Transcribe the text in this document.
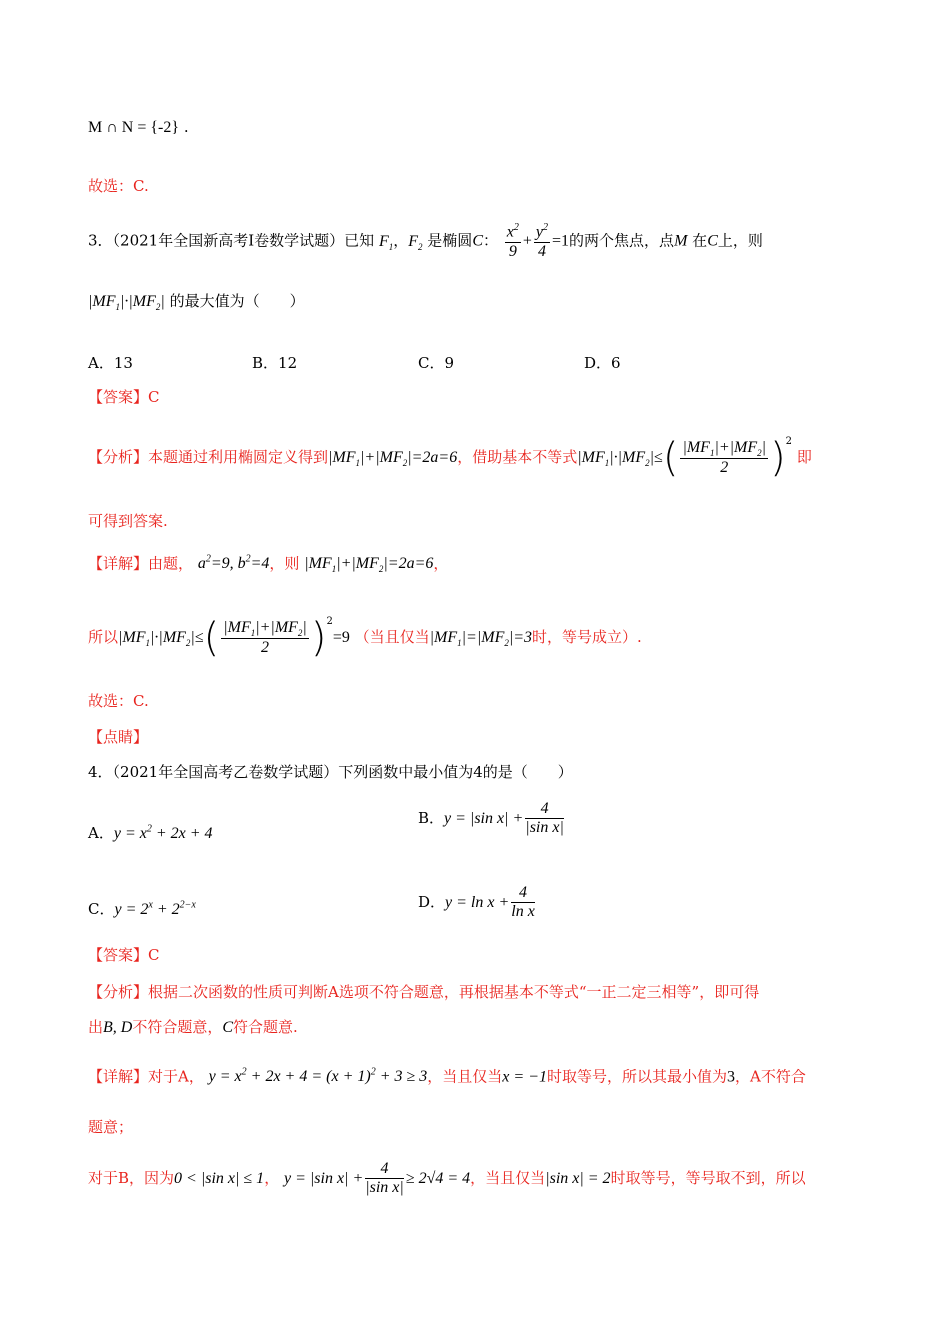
M ∩ N = {-2} .
故选：C.
3．（2021年全国新高考I卷数学试题）已知 $F_1$，$F_2$ 是椭圆C： $\frac{x^2}{9} + \frac{y^2}{4} =1$的两个焦点，点M 在C上，则
$|MF_1|\cdot|MF_2|$ 的最大值为（　　）
A．13	B．12	C．9	D．6
【答案】C
【分析】本题通过利用椭圆定义得到$|MF_1|+|MF_2|=2a=6$，借助基本不等式$|MF_1|\cdot|MF_2|\le( \frac{|MF_1|+|MF_2|}{2} )^2$ 即
可得到答案.
【详解】由题， $a^2=9$, $b^2=4$，则 $|MF_1|+|MF_2|=2a=6$，
所以$|MF_1|\cdot|MF_2|\le( \frac{|MF_1|+|MF_2|}{2} )^2=9$ （当且仅当$|MF_1|=|MF_2|=3$时，等号成立）.
故选：C.
【点睛】
4．（2021年全国高考乙卷数学试题）下列函数中最小值为4的是（　　）
A．$y = x^2 + 2x + 4$
B．y = |sin $x| + \frac{4}{\text{|sin x|}}$
C．$y = 2^x + 2^{2-x}$	D．$y = \ln x + \frac{4}{\text{ln x}}$
【答案】C
【分析】根据二次函数的性质可判断A选项不符合题意，再根据基本不等式“一正二定三相等”，即可得
出B, D不符合题意，C符合题意.
【详解】对于A， $y = x^2 + 2x + 4 = (x + 1)^2 + 3 \ge 3$，当且仅当x = −1时取等号，所以其最小值为3，A不符合
题意；
对于B，因为0 < |sin x| ≤ 1， y = |sin $x| + \frac{4}{\text{|sin x|}} \ge 2√4 = 4$，当且仅当|sin x| = 2时取等号，等号取不到，所以
